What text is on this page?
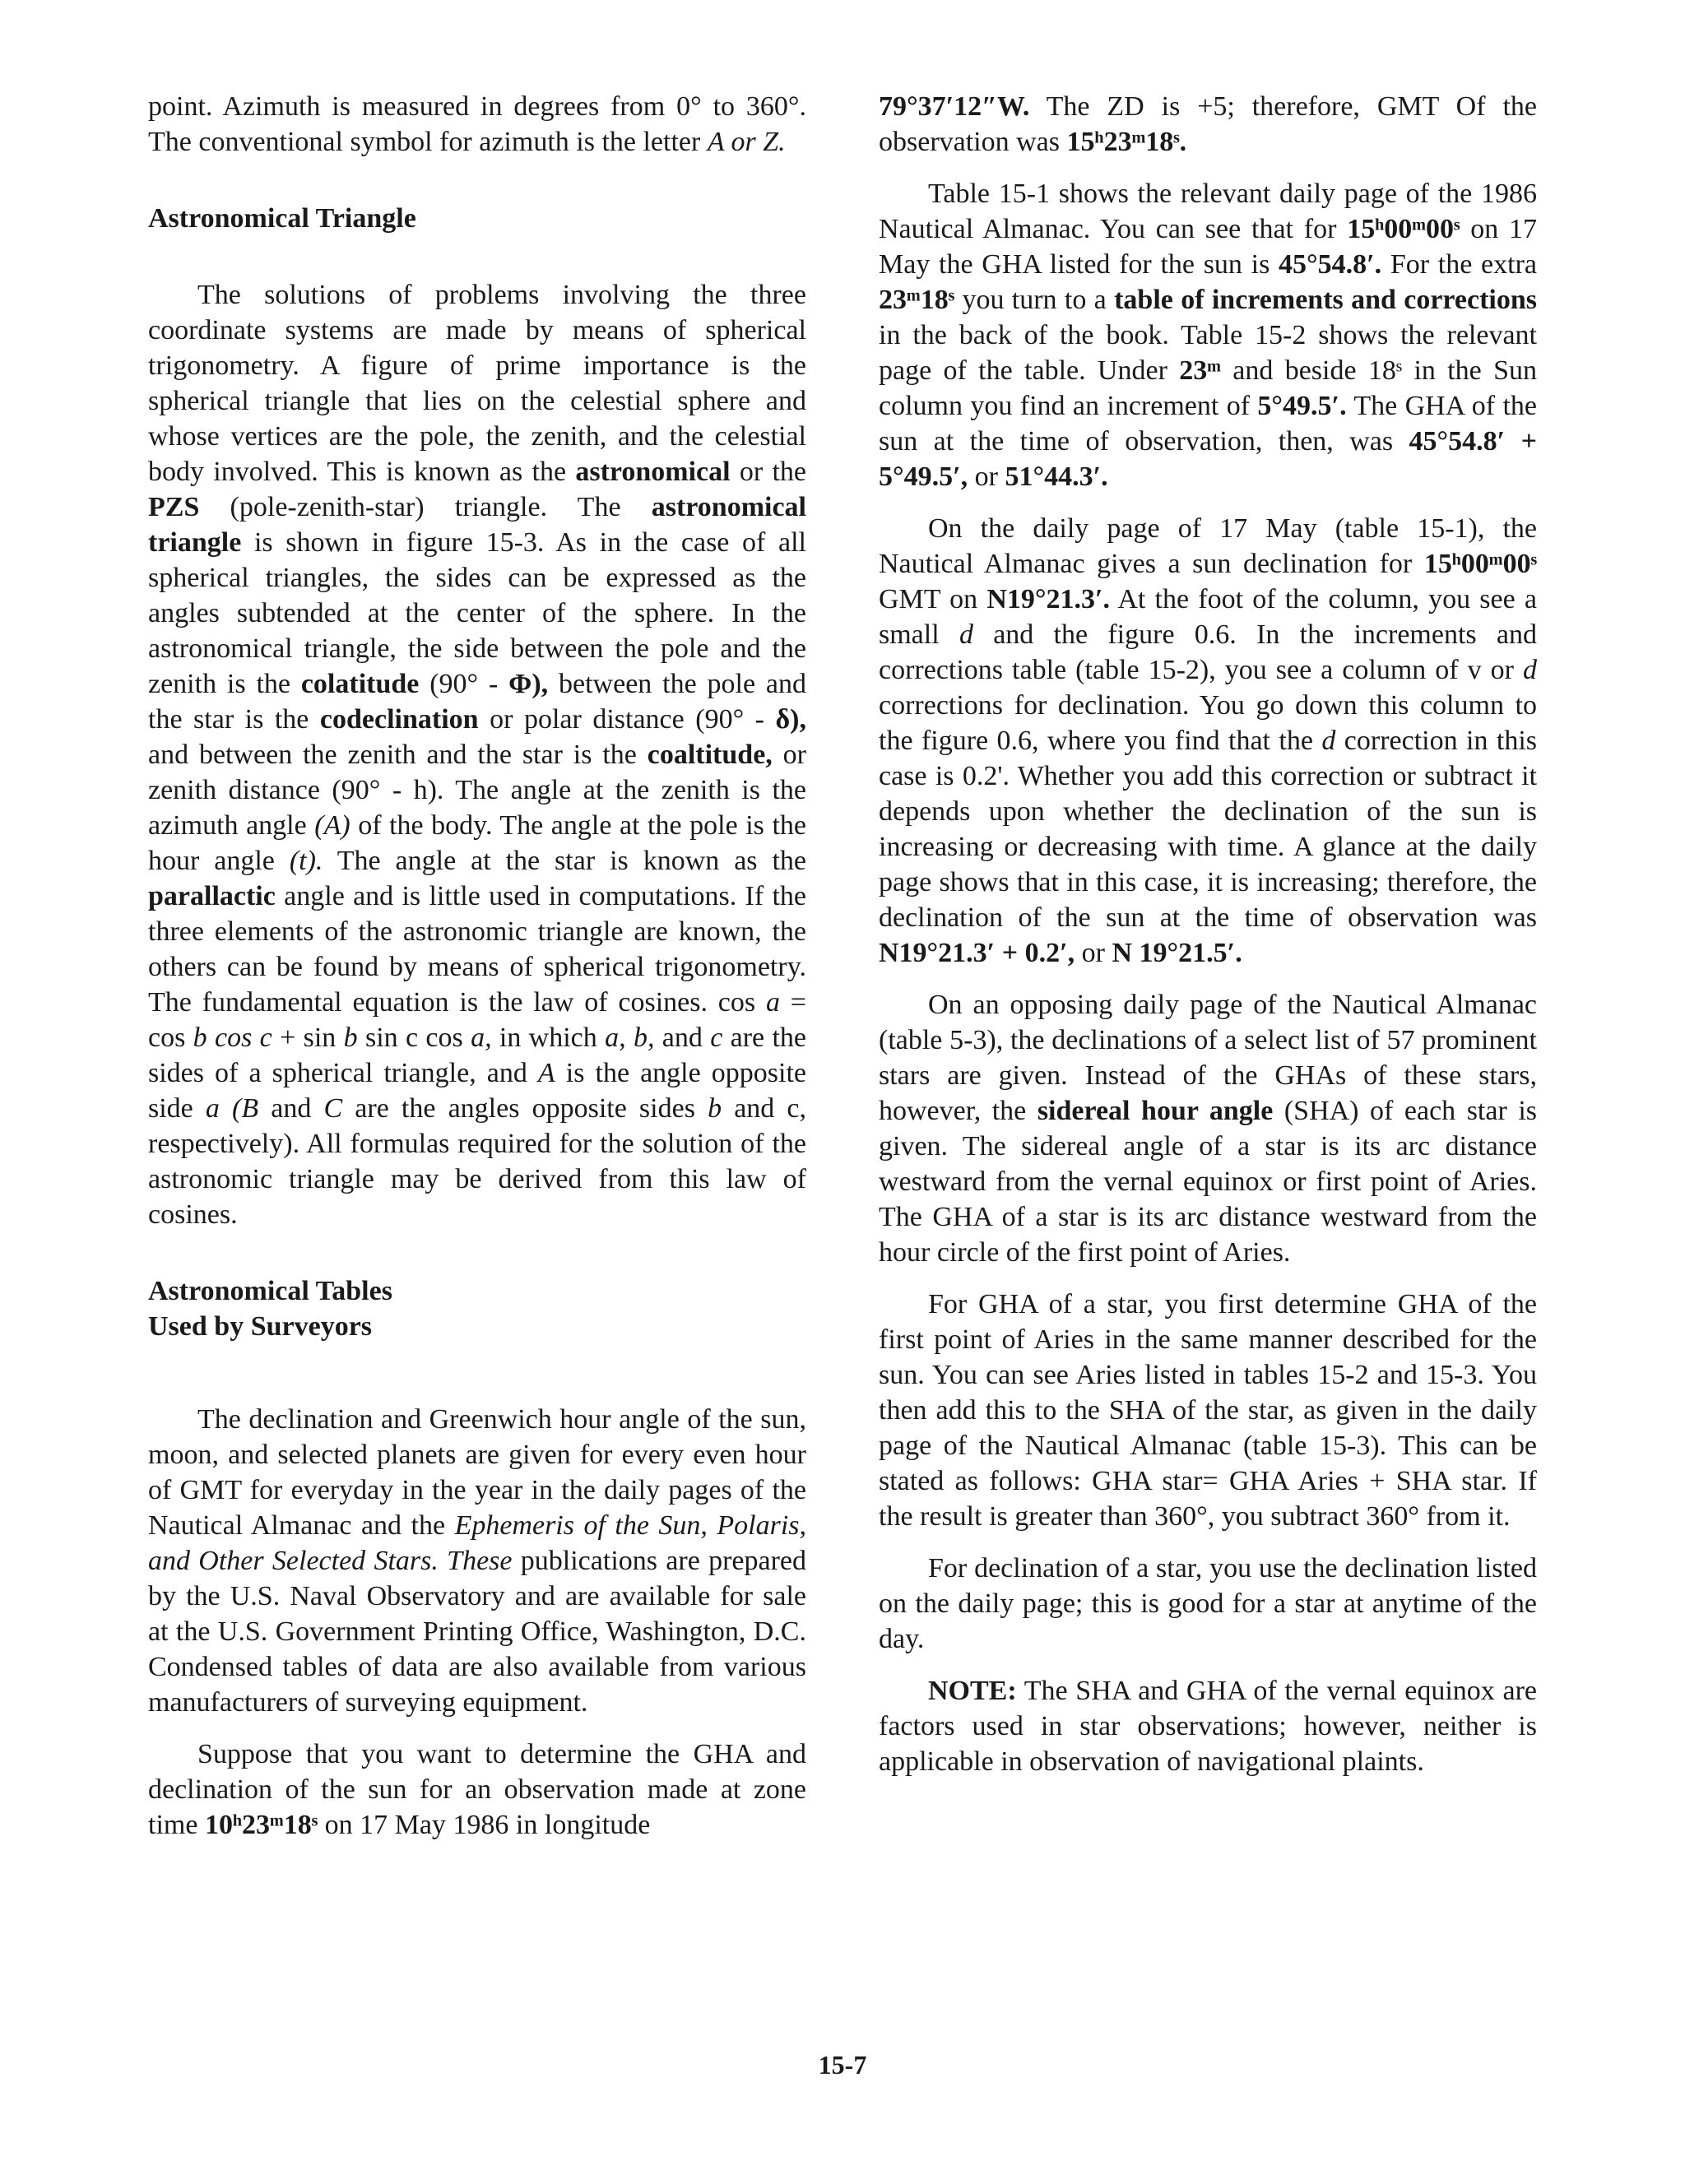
point. Azimuth is measured in degrees from 0° to 360°. The conventional symbol for azimuth is the letter A or Z.

Astronomical Triangle

The solutions of problems involving the three coordinate systems are made by means of spherical trigonometry. A figure of prime importance is the spherical triangle that lies on the celestial sphere and whose vertices are the pole, the zenith, and the celestial body involved. This is known as the astronomical or the PZS (pole-zenith-star) triangle. The astronomical triangle is shown in figure 15-3. As in the case of all spherical triangles, the sides can be expressed as the angles subtended at the center of the sphere. In the astronomical triangle, the side between the pole and the zenith is the colatitude (90° - Φ), between the pole and the star is the codeclination or polar distance (90° - δ), and between the zenith and the star is the coaltitude, or zenith distance (90° - h). The angle at the zenith is the azimuth angle (A) of the body. The angle at the pole is the hour angle (t). The angle at the star is known as the parallactic angle and is little used in computations. If the three elements of the astronomic triangle are known, the others can be found by means of spherical trigonometry. The fundamental equation is the law of cosines. cos a = cos b cos c + sin b sin c cos a, in which a, b, and c are the sides of a spherical triangle, and A is the angle opposite side a (B and C are the angles opposite sides b and c, respectively). All formulas required for the solution of the astronomic triangle may be derived from this law of cosines.

Astronomical Tables
Used by Surveyors

The declination and Greenwich hour angle of the sun, moon, and selected planets are given for every even hour of GMT for everyday in the year in the daily pages of the Nautical Almanac and the Ephemeris of the Sun, Polaris, and Other Selected Stars. These publications are prepared by the U.S. Naval Observatory and are available for sale at the U.S. Government Printing Office, Washington, D.C. Condensed tables of data are also available from various manufacturers of surveying equipment.

Suppose that you want to determine the GHA and declination of the sun for an observation made at zone time 10ʰ23ᵐ18ˢ on 17 May 1986 in longitude

79°37′12″W. The ZD is +5; therefore, GMT Of the observation was 15ʰ23ᵐ18ˢ.

Table 15-1 shows the relevant daily page of the 1986 Nautical Almanac. You can see that for 15ʰ00ᵐ00ˢ on 17 May the GHA listed for the sun is 45°54.8′. For the extra 23ᵐ18ˢ you turn to a table of increments and corrections in the back of the book. Table 15-2 shows the relevant page of the table. Under 23ᵐ and beside 18ˢ in the Sun column you find an increment of 5°49.5′. The GHA of the sun at the time of observation, then, was 45°54.8′ + 5°49.5′, or 51°44.3′.

On the daily page of 17 May (table 15-1), the Nautical Almanac gives a sun declination for 15ʰ00ᵐ00ˢ GMT on N19°21.3′. At the foot of the column, you see a small d and the figure 0.6. In the increments and corrections table (table 15-2), you see a column of v or d corrections for declination. You go down this column to the figure 0.6, where you find that the d correction in this case is 0.2'. Whether you add this correction or subtract it depends upon whether the declination of the sun is increasing or decreasing with time. A glance at the daily page shows that in this case, it is increasing; therefore, the declination of the sun at the time of observation was N19°21.3′ + 0.2′, or N 19°21.5′.

On an opposing daily page of the Nautical Almanac (table 5-3), the declinations of a select list of 57 prominent stars are given. Instead of the GHAs of these stars, however, the sidereal hour angle (SHA) of each star is given. The sidereal angle of a star is its arc distance westward from the vernal equinox or first point of Aries. The GHA of a star is its arc distance westward from the hour circle of the first point of Aries.

For GHA of a star, you first determine GHA of the first point of Aries in the same manner described for the sun. You can see Aries listed in tables 15-2 and 15-3. You then add this to the SHA of the star, as given in the daily page of the Nautical Almanac (table 15-3). This can be stated as follows: GHA star= GHA Aries + SHA star. If the result is greater than 360°, you subtract 360° from it.

For declination of a star, you use the declination listed on the daily page; this is good for a star at anytime of the day.

NOTE: The SHA and GHA of the vernal equinox are factors used in star observations; however, neither is applicable in observation of navigational plaints.

15-7
